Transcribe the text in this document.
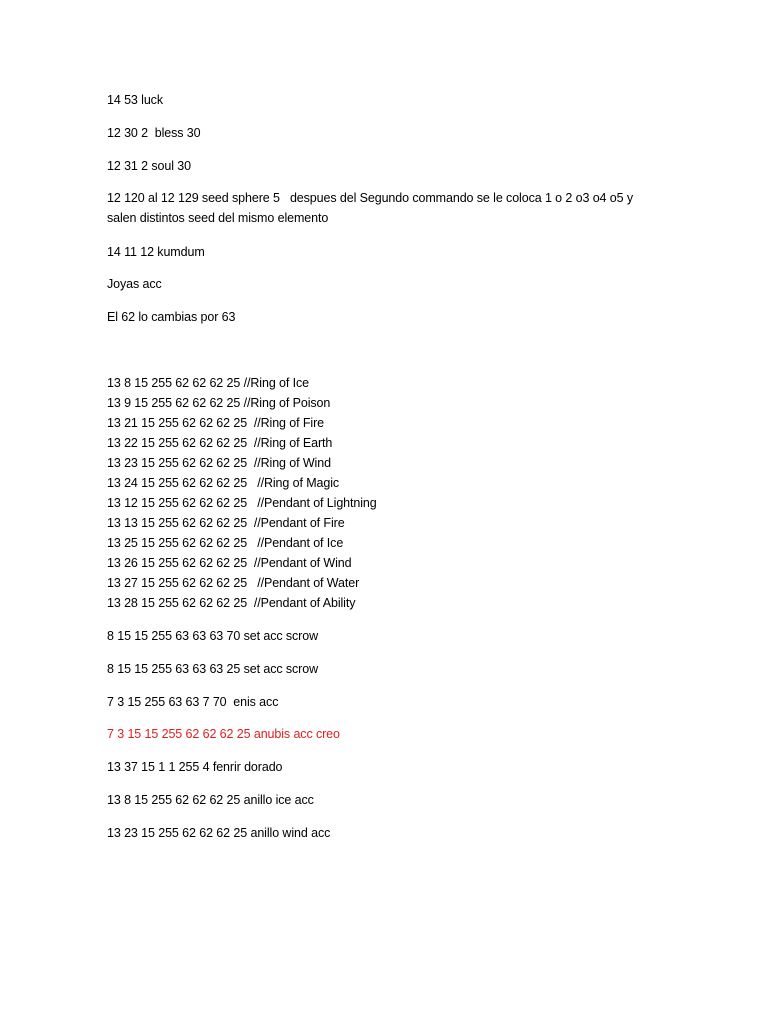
14 53 luck
12 30 2  bless 30
12 31 2 soul 30
12 120 al 12 129 seed sphere 5   despues del Segundo commando se le coloca 1 o 2 o3 o4 o5 y
salen distintos seed del mismo elemento
14 11 12 kumdum
Joyas acc
El 62 lo cambias por 63
13 8 15 255 62 62 62 25 //Ring of Ice
13 9 15 255 62 62 62 25 //Ring of Poison
13 21 15 255 62 62 62 25  //Ring of Fire
13 22 15 255 62 62 62 25  //Ring of Earth
13 23 15 255 62 62 62 25  //Ring of Wind
13 24 15 255 62 62 62 25   //Ring of Magic
13 12 15 255 62 62 62 25   //Pendant of Lightning
13 13 15 255 62 62 62 25  //Pendant of Fire
13 25 15 255 62 62 62 25   //Pendant of Ice
13 26 15 255 62 62 62 25  //Pendant of Wind
13 27 15 255 62 62 62 25   //Pendant of Water
13 28 15 255 62 62 62 25  //Pendant of Ability
8 15 15 255 63 63 63 70 set acc scrow
8 15 15 255 63 63 63 25 set acc scrow
7 3 15 255 63 63 7 70  enis acc
7 3 15 15 255 62 62 62 25 anubis acc creo
13 37 15 1 1 255 4 fenrir dorado
13 8 15 255 62 62 62 25 anillo ice acc
13 23 15 255 62 62 62 25 anillo wind acc
